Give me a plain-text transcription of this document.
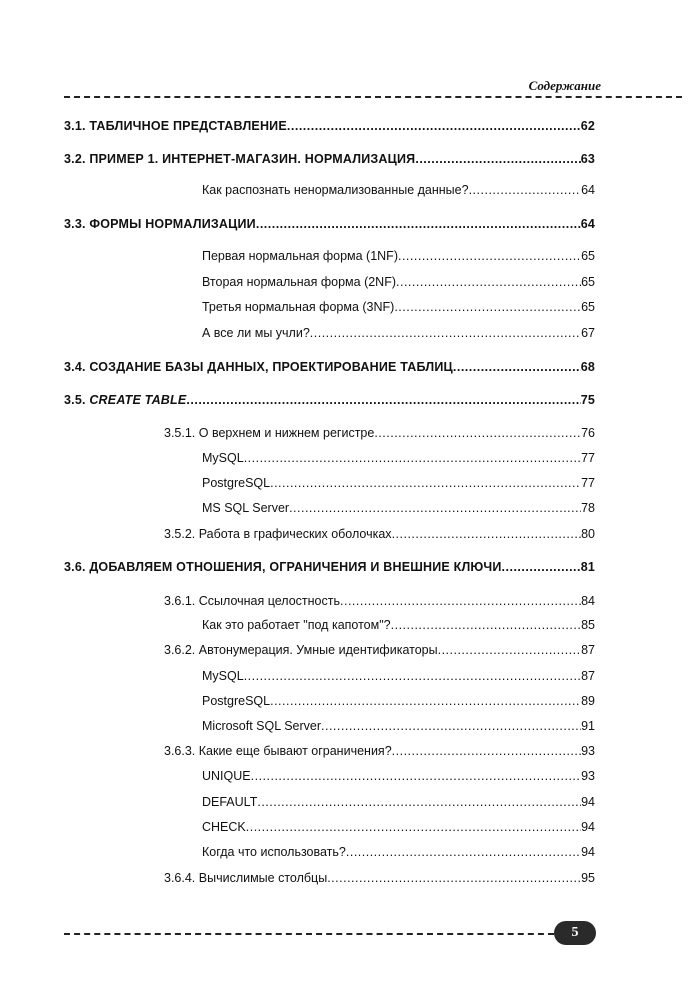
Содержание
3.1. ТАБЛИЧНОЕ ПРЕДСТАВЛЕНИЕ .....	62
3.2. ПРИМЕР 1. ИНТЕРНЕТ-МАГАЗИН. НОРМАЛИЗАЦИЯ .....	63
Как распознать ненормализованные данные? .....	64
3.3. ФОРМЫ НОРМАЛИЗАЦИИ .....	64
Первая нормальная форма (1NF) .....	65
Вторая нормальная форма (2NF) .....	65
Третья нормальная форма (3NF) .....	65
А все ли мы учли? .....	67
3.4. СОЗДАНИЕ БАЗЫ ДАННЫХ, ПРОЕКТИРОВАНИЕ ТАБЛИЦ .....	68
3.5. CREATE TABLE .....	75
3.5.1. О верхнем и нижнем регистре .....	76
MySQL .....	77
PostgreSQL .....	77
MS SQL Server .....	78
3.5.2. Работа в графических оболочках .....	80
3.6. ДОБАВЛЯЕМ ОТНОШЕНИЯ, ОГРАНИЧЕНИЯ И ВНЕШНИЕ КЛЮЧИ .....	81
3.6.1. Ссылочная целостность .....	84
Как это работает "под капотом"? .....	85
3.6.2. Автонумерация. Умные идентификаторы .....	87
MySQL .....	87
PostgreSQL .....	89
Microsoft SQL Server .....	91
3.6.3. Какие еще бывают ограничения? .....	93
UNIQUE .....	93
DEFAULT .....	94
CHECK .....	94
Когда что использовать? .....	94
3.6.4. Вычислимые столбцы .....	95
5
